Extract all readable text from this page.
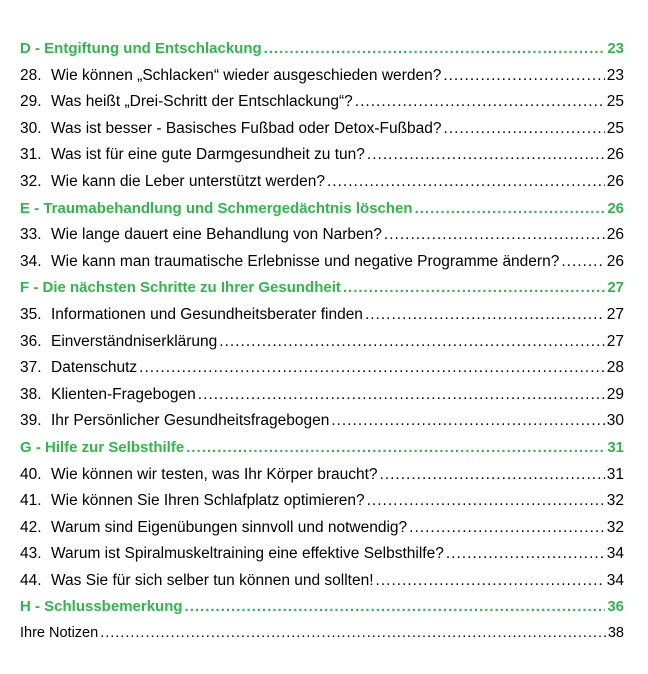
D - Entgiftung und Entschlackung .....	23
28. Wie können „Schlacken“ wieder ausgeschieden werden? .....	23
29. Was heißt „Drei-Schritt der Entschlackung“? .....	25
30. Was ist besser - Basisches Fußbad oder Detox-Fußbad? .....	25
31. Was ist für eine gute Darmgesundheit zu tun? .....	26
32. Wie kann die Leber unterstützt werden? .....	26
E - Traumabehandlung und Schmergedächtnis löschen .....	26
33. Wie lange dauert eine Behandlung von Narben? .....	26
34. Wie kann man traumatische Erlebnisse und negative Programme ändern? .....	26
F - Die nächsten Schritte zu Ihrer Gesundheit .....	27
35. Informationen und Gesundheitsberater finden .....	27
36. Einverständniserklärung .....	27
37. Datenschutz .....	28
38. Klienten-Fragebogen .....	29
39. Ihr Persönlicher Gesundheitsfragebogen .....	30
G - Hilfe zur Selbsthilfe .....	31
40. Wie können wir testen, was Ihr Körper braucht? .....	31
41. Wie können Sie Ihren Schlafplatz optimieren? .....	32
42. Warum sind Eigenübungen sinnvoll und notwendig? .....	32
43. Warum ist Spiralmuskeltraining eine effektive Selbsthilfe? .....	34
44. Was Sie für sich selber tun können und sollten! .....	34
H - Schlussbemerkung .....	36
Ihre Notizen .....	38
